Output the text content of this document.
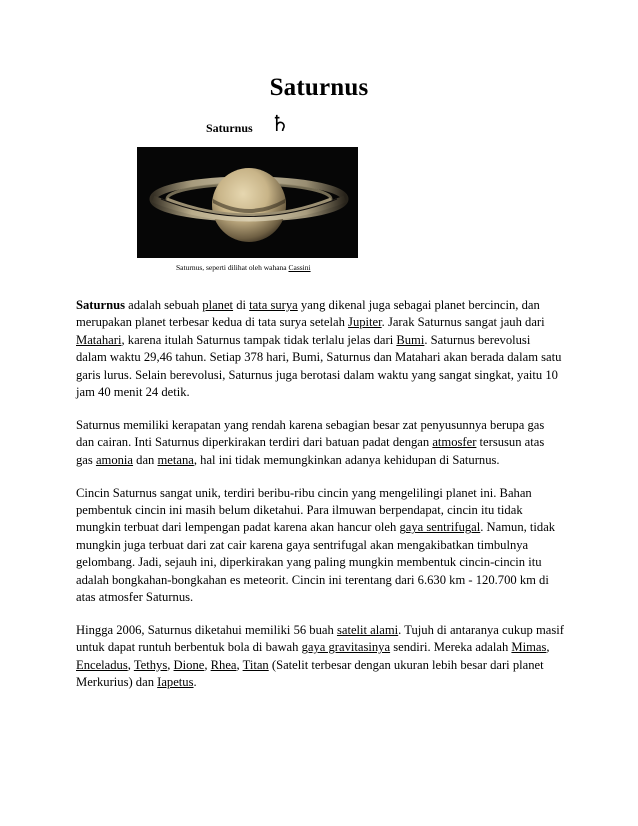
Saturnus
Saturnus ♄
Saturnus, seperti dilihat oleh wahana Cassini

Saturnus adalah sebuah planet di tata surya yang dikenal juga sebagai planet bercincin, dan merupakan planet terbesar kedua di tata surya setelah Jupiter. Jarak Saturnus sangat jauh dari Matahari, karena itulah Saturnus tampak tidak terlalu jelas dari Bumi. Saturnus berevolusi dalam waktu 29,46 tahun. Setiap 378 hari, Bumi, Saturnus dan Matahari akan berada dalam satu garis lurus. Selain berevolusi, Saturnus juga berotasi dalam waktu yang sangat singkat, yaitu 10 jam 40 menit 24 detik.

Saturnus memiliki kerapatan yang rendah karena sebagian besar zat penyusunnya berupa gas dan cairan. Inti Saturnus diperkirakan terdiri dari batuan padat dengan atmosfer tersusun atas gas amonia dan metana, hal ini tidak memungkinkan adanya kehidupan di Saturnus.

Cincin Saturnus sangat unik, terdiri beribu-ribu cincin yang mengelilingi planet ini. Bahan pembentuk cincin ini masih belum diketahui. Para ilmuwan berpendapat, cincin itu tidak mungkin terbuat dari lempengan padat karena akan hancur oleh gaya sentrifugal. Namun, tidak mungkin juga terbuat dari zat cair karena gaya sentrifugal akan mengakibatkan timbulnya gelombang. Jadi, sejauh ini, diperkirakan yang paling mungkin membentuk cincin-cincin itu adalah bongkahan-bongkahan es meteorit. Cincin ini terentang dari 6.630 km - 120.700 km di atas atmosfer Saturnus.

Hingga 2006, Saturnus diketahui memiliki 56 buah satelit alami. Tujuh di antaranya cukup masif untuk dapat runtuh berbentuk bola di bawah gaya gravitasinya sendiri. Mereka adalah Mimas, Enceladus, Tethys, Dione, Rhea, Titan (Satelit terbesar dengan ukuran lebih besar dari planet Merkurius) dan Iapetus.
